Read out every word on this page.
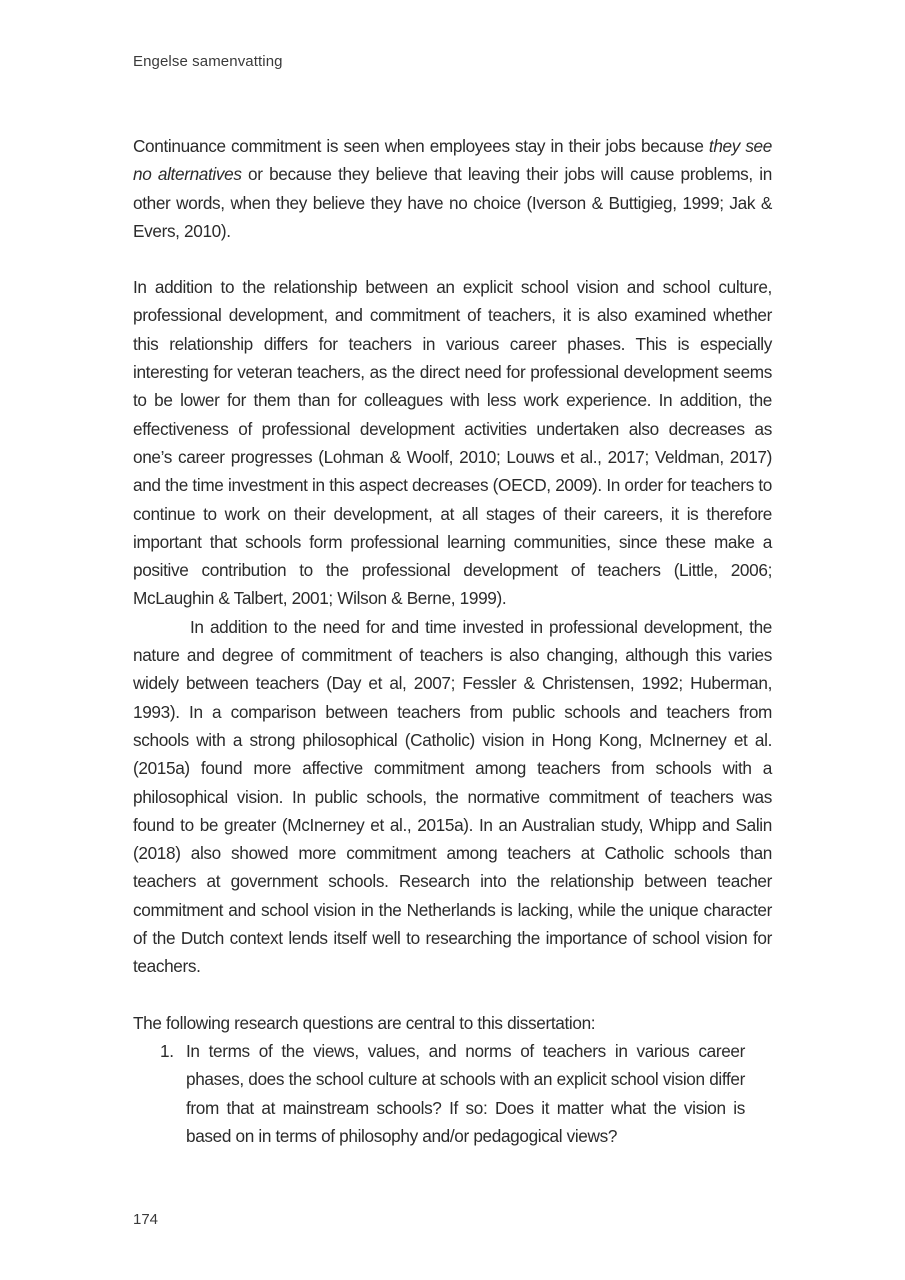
Engelse samenvatting

Continuance commitment is seen when employees stay in their jobs because they see no alternatives or because they believe that leaving their jobs will cause problems, in other words, when they believe they have no choice (Iverson & Buttigieg, 1999; Jak & Evers, 2010).

In addition to the relationship between an explicit school vision and school culture, professional development, and commitment of teachers, it is also examined whether this relationship differs for teachers in various career phases. This is especially interesting for veteran teachers, as the direct need for professional development seems to be lower for them than for colleagues with less work experience. In addition, the effectiveness of professional development activities undertaken also decreases as one’s career progresses (Lohman & Woolf, 2010; Louws et al., 2017; Veldman, 2017) and the time investment in this aspect decreases (OECD, 2009). In order for teachers to continue to work on their development, at all stages of their careers, it is therefore important that schools form professional learning communities, since these make a positive contribution to the professional development of teachers (Little, 2006; McLaughin & Talbert, 2001; Wilson & Berne, 1999).

In addition to the need for and time invested in professional development, the nature and degree of commitment of teachers is also changing, although this varies widely between teachers (Day et al, 2007; Fessler & Christensen, 1992; Huberman, 1993). In a comparison between teachers from public schools and teachers from schools with a strong philosophical (Catholic) vision in Hong Kong, McInerney et al. (2015a) found more affective commitment among teachers from schools with a philosophical vision. In public schools, the normative commitment of teachers was found to be greater (McInerney et al., 2015a). In an Australian study, Whipp and Salin (2018) also showed more commitment among teachers at Catholic schools than teachers at government schools. Research into the relationship between teacher commitment and school vision in the Netherlands is lacking, while the unique character of the Dutch context lends itself well to researching the importance of school vision for teachers.

The following research questions are central to this dissertation:

1. In terms of the views, values, and norms of teachers in various career phases, does the school culture at schools with an explicit school vision differ from that at mainstream schools? If so: Does it matter what the vision is based on in terms of philosophy and/or pedagogical views?
174
